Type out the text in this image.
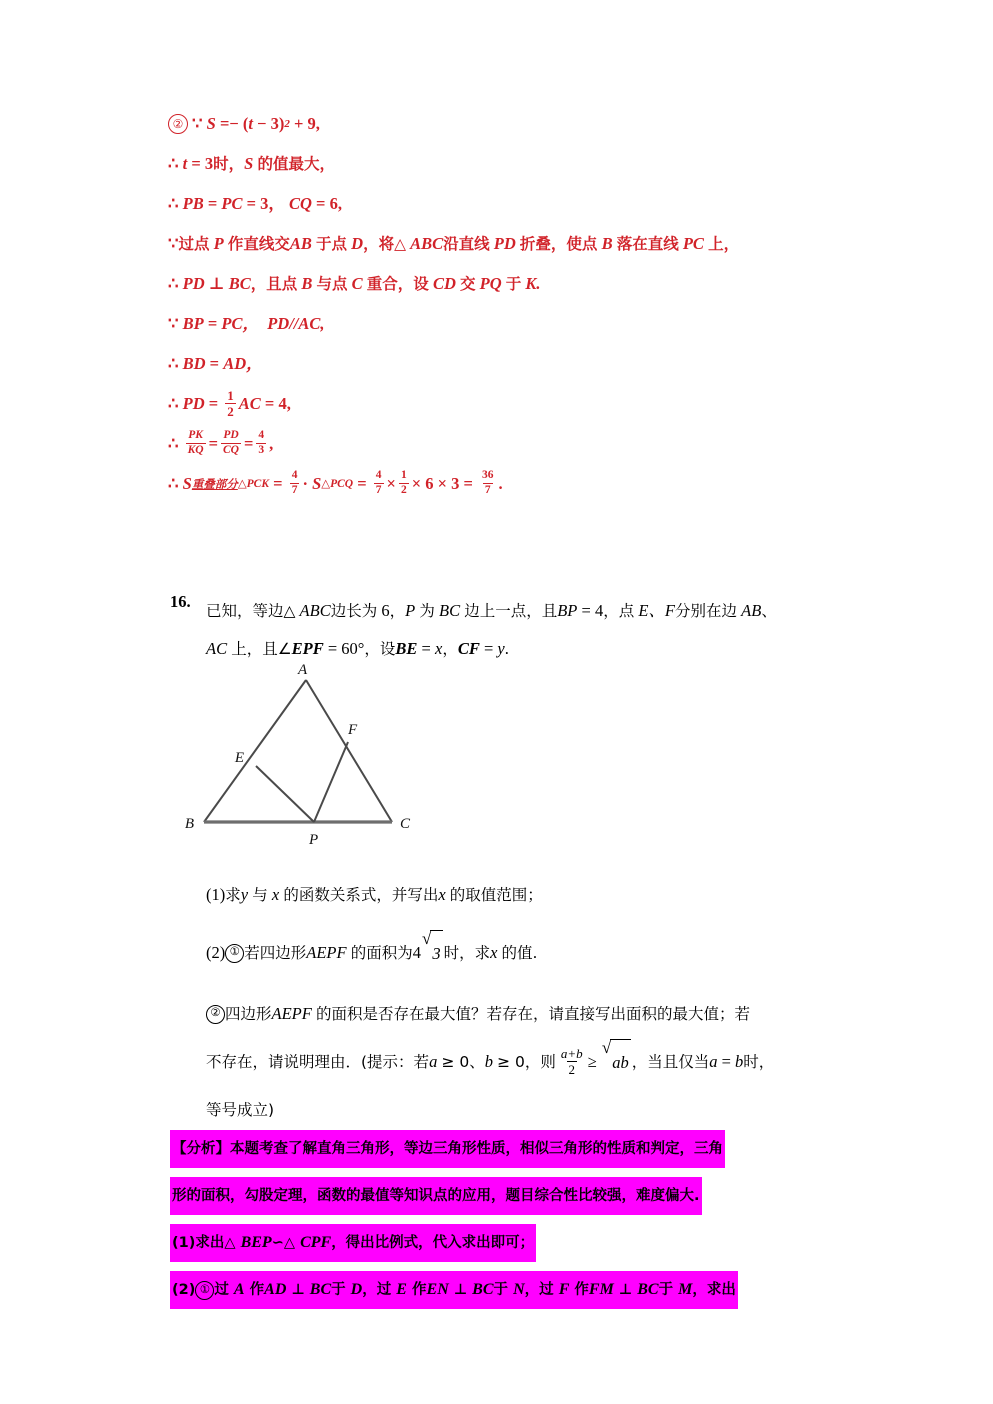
② ∵
S
=−
( t
−
3 ) 2
+
9,
∴
t
=
3 时， S
的值最大，
∴
PB
=
PC
=
3，
CQ
=
6,
∵ 过点
P
作直线交 AB
于点
D ，将△
ABC 沿直线
PD
折叠，使点
B
落在直线
PC
上，
∴
PD
⊥
BC ，且点
B
与点
C
重合，设
CD
交
PQ
于
K.
∵
BP
=
PC，
PD//AC,
∴
BD
=
AD，
∴
PD
=
$\frac{1}{2}$ AC
=
4,
∴
$\frac{PK}{KQ} = \frac{PD}{CQ} = \frac{4}{3}$ ,
∴
S 重叠部分 △PCK
=
$\frac{4}{7}$ ·
S △PCQ
=
$\frac{4}{7} \times \frac{1}{2}$ ×
6
×
3
=
$\frac{36}{7}$ .
16. 已知，等边△
ABC 边长为
6 ， P
为
BC
边上一点，且 BP
=
4 ，点
E、F 分别在边
AB 、
AC
上，且∠ EPF
=
60° ，设 BE
=
x ， CF
=
y .
A
B	C
E
F
P
(1) 求 y
与
x
的函数关系式，并写出 x
的取值范围；
(2) ① 若四边形 AEPF
的面积为 4
√
3 时，求 x
的值.
② 四边形 AEPF
的面积是否存在最大值？若存在，请直接写出面积的最大值；若
不存在，请说明理由．(提示：若 a
≥ 0、 b
≥ 0，则 $\frac{a+b}{2}$ ≥

√
ab ，当且仅当 a
=
b 时，
等号成立)
【分析】 本题考查了解直角三角形，等边三角形性质，相似三角形的性质和判定，三角
形的面积，勾股定理，函数的最值等知识点的应用，题目综合性比较强，难度偏大.
(1) 求出△
BEP ∽ △
CPF ，得出比例式，代入求出即可；
(2) ① 过
A
作 AD
⊥
BC 于
D ，过
E
作 EN
⊥
BC 于
N ，过
F
作 FM
⊥
BC 于
M ，求出
